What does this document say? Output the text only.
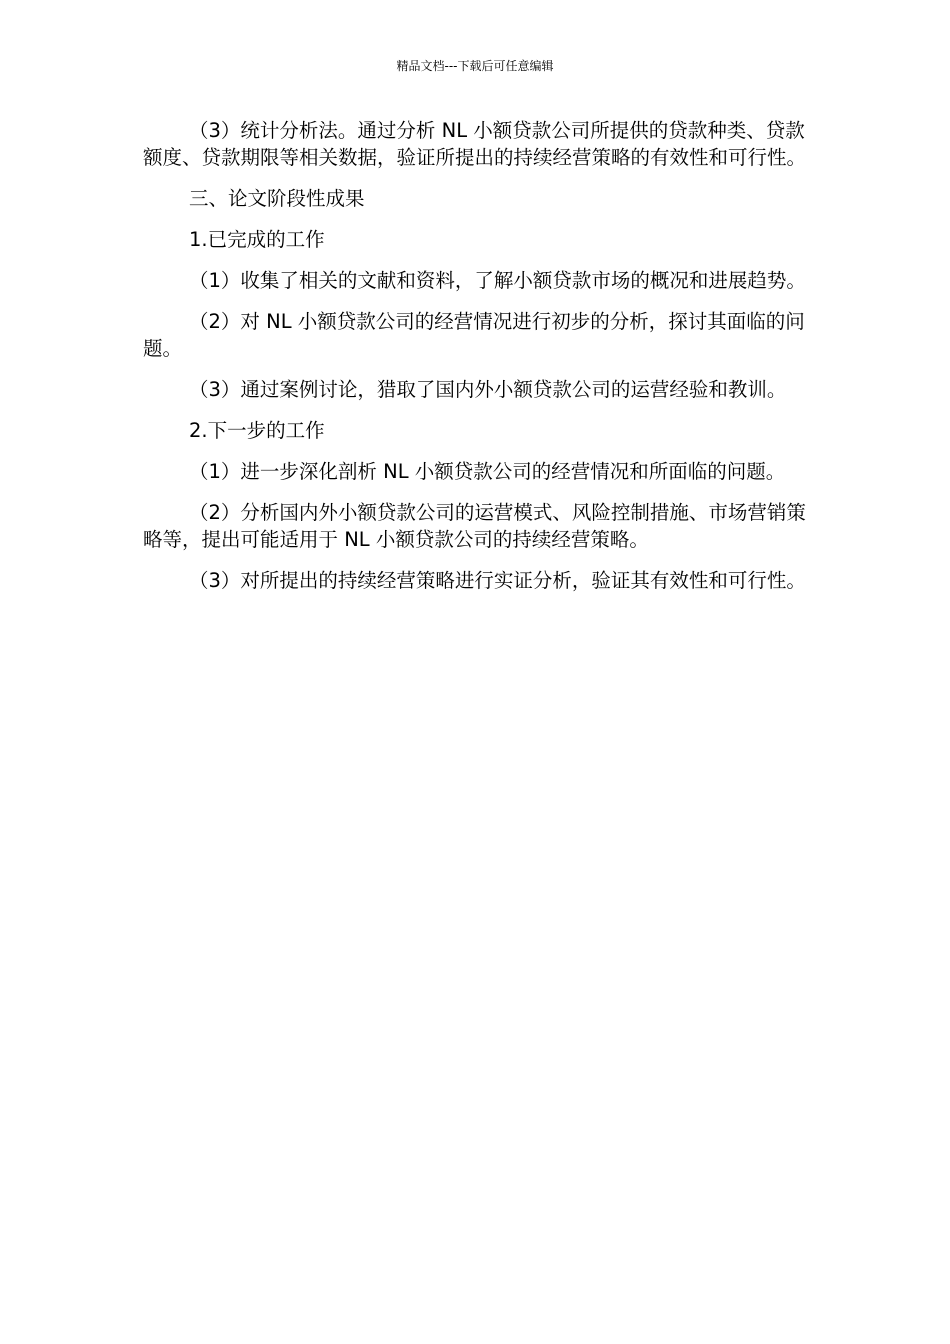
精品文档---下载后可任意编辑

（3）统计分析法。通过分析 NL 小额贷款公司所提供的贷款种类、贷款额度、贷款期限等相关数据，验证所提出的持续经营策略的有效性和可行性。

三、论文阶段性成果

1.已完成的工作

（1）收集了相关的文献和资料，了解小额贷款市场的概况和进展趋势。

（2）对 NL 小额贷款公司的经营情况进行初步的分析，探讨其面临的问题。

（3）通过案例讨论，猎取了国内外小额贷款公司的运营经验和教训。

2.下一步的工作

（1）进一步深化剖析 NL 小额贷款公司的经营情况和所面临的问题。

（2）分析国内外小额贷款公司的运营模式、风险控制措施、市场营销策略等，提出可能适用于 NL 小额贷款公司的持续经营策略。

（3）对所提出的持续经营策略进行实证分析，验证其有效性和可行性。
